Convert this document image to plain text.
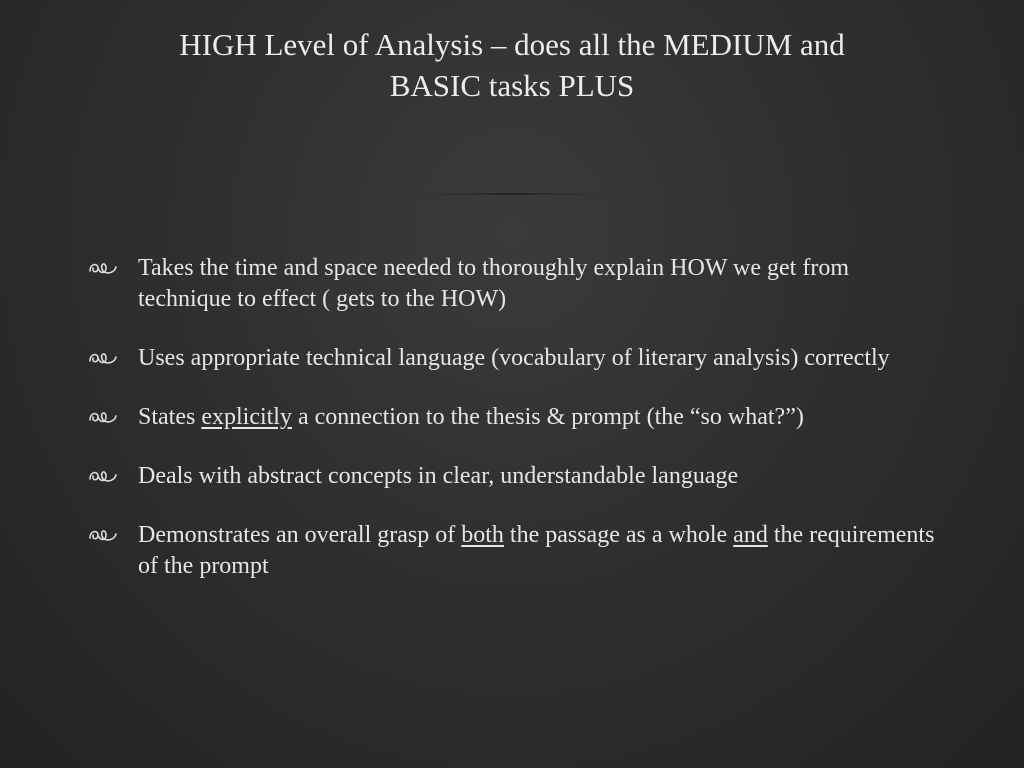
HIGH Level of Analysis – does all the MEDIUM and
BASIC tasks PLUS
Takes the time and space needed to thoroughly explain HOW we get from technique to effect ( gets to the HOW)
Uses appropriate technical language (vocabulary of literary analysis) correctly
States explicitly a connection to the thesis & prompt (the “so what?”)
Deals with abstract concepts in clear, understandable language
Demonstrates an overall grasp of both the passage as a whole and the requirements of the prompt
